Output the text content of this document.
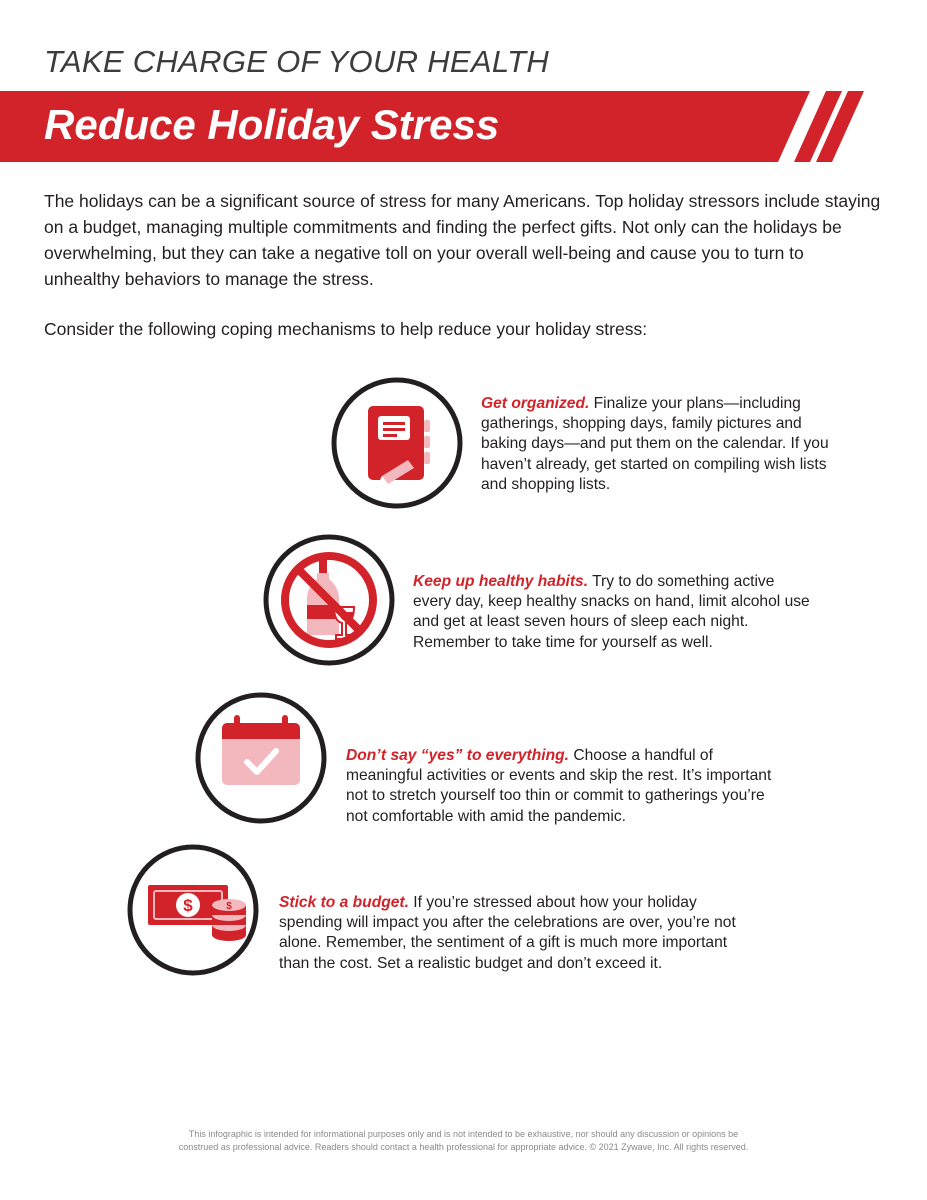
TAKE CHARGE OF YOUR HEALTH
Reduce Holiday Stress
The holidays can be a significant source of stress for many Americans. Top holiday stressors include staying on a budget, managing multiple commitments and finding the perfect gifts. Not only can the holidays be overwhelming, but they can take a negative toll on your overall well-being and cause you to turn to unhealthy behaviors to manage the stress.
Consider the following coping mechanisms to help reduce your holiday stress:
Get organized. Finalize your plans—including gatherings, shopping days, family pictures and baking days—and put them on the calendar. If you haven’t already, get started on compiling wish lists and shopping lists.
Keep up healthy habits. Try to do something active every day, keep healthy snacks on hand, limit alcohol use and get at least seven hours of sleep each night. Remember to take time for yourself as well.
Don’t say “yes” to everything. Choose a handful of meaningful activities or events and skip the rest. It’s important not to stretch yourself too thin or commit to gatherings you’re not comfortable with amid the pandemic.
$	$	Stick to a budget. If you’re stressed about how your holiday spending will impact you after the celebrations are over, you’re not alone. Remember, the sentiment of a gift is much more important than the cost. Set a realistic budget and don’t exceed it.
This infographic is intended for informational purposes only and is not intended to be exhaustive, nor should any discussion or opinions be construed as professional advice. Readers should contact a health professional for appropriate advice. © 2021 Zywave, Inc. All rights reserved.
